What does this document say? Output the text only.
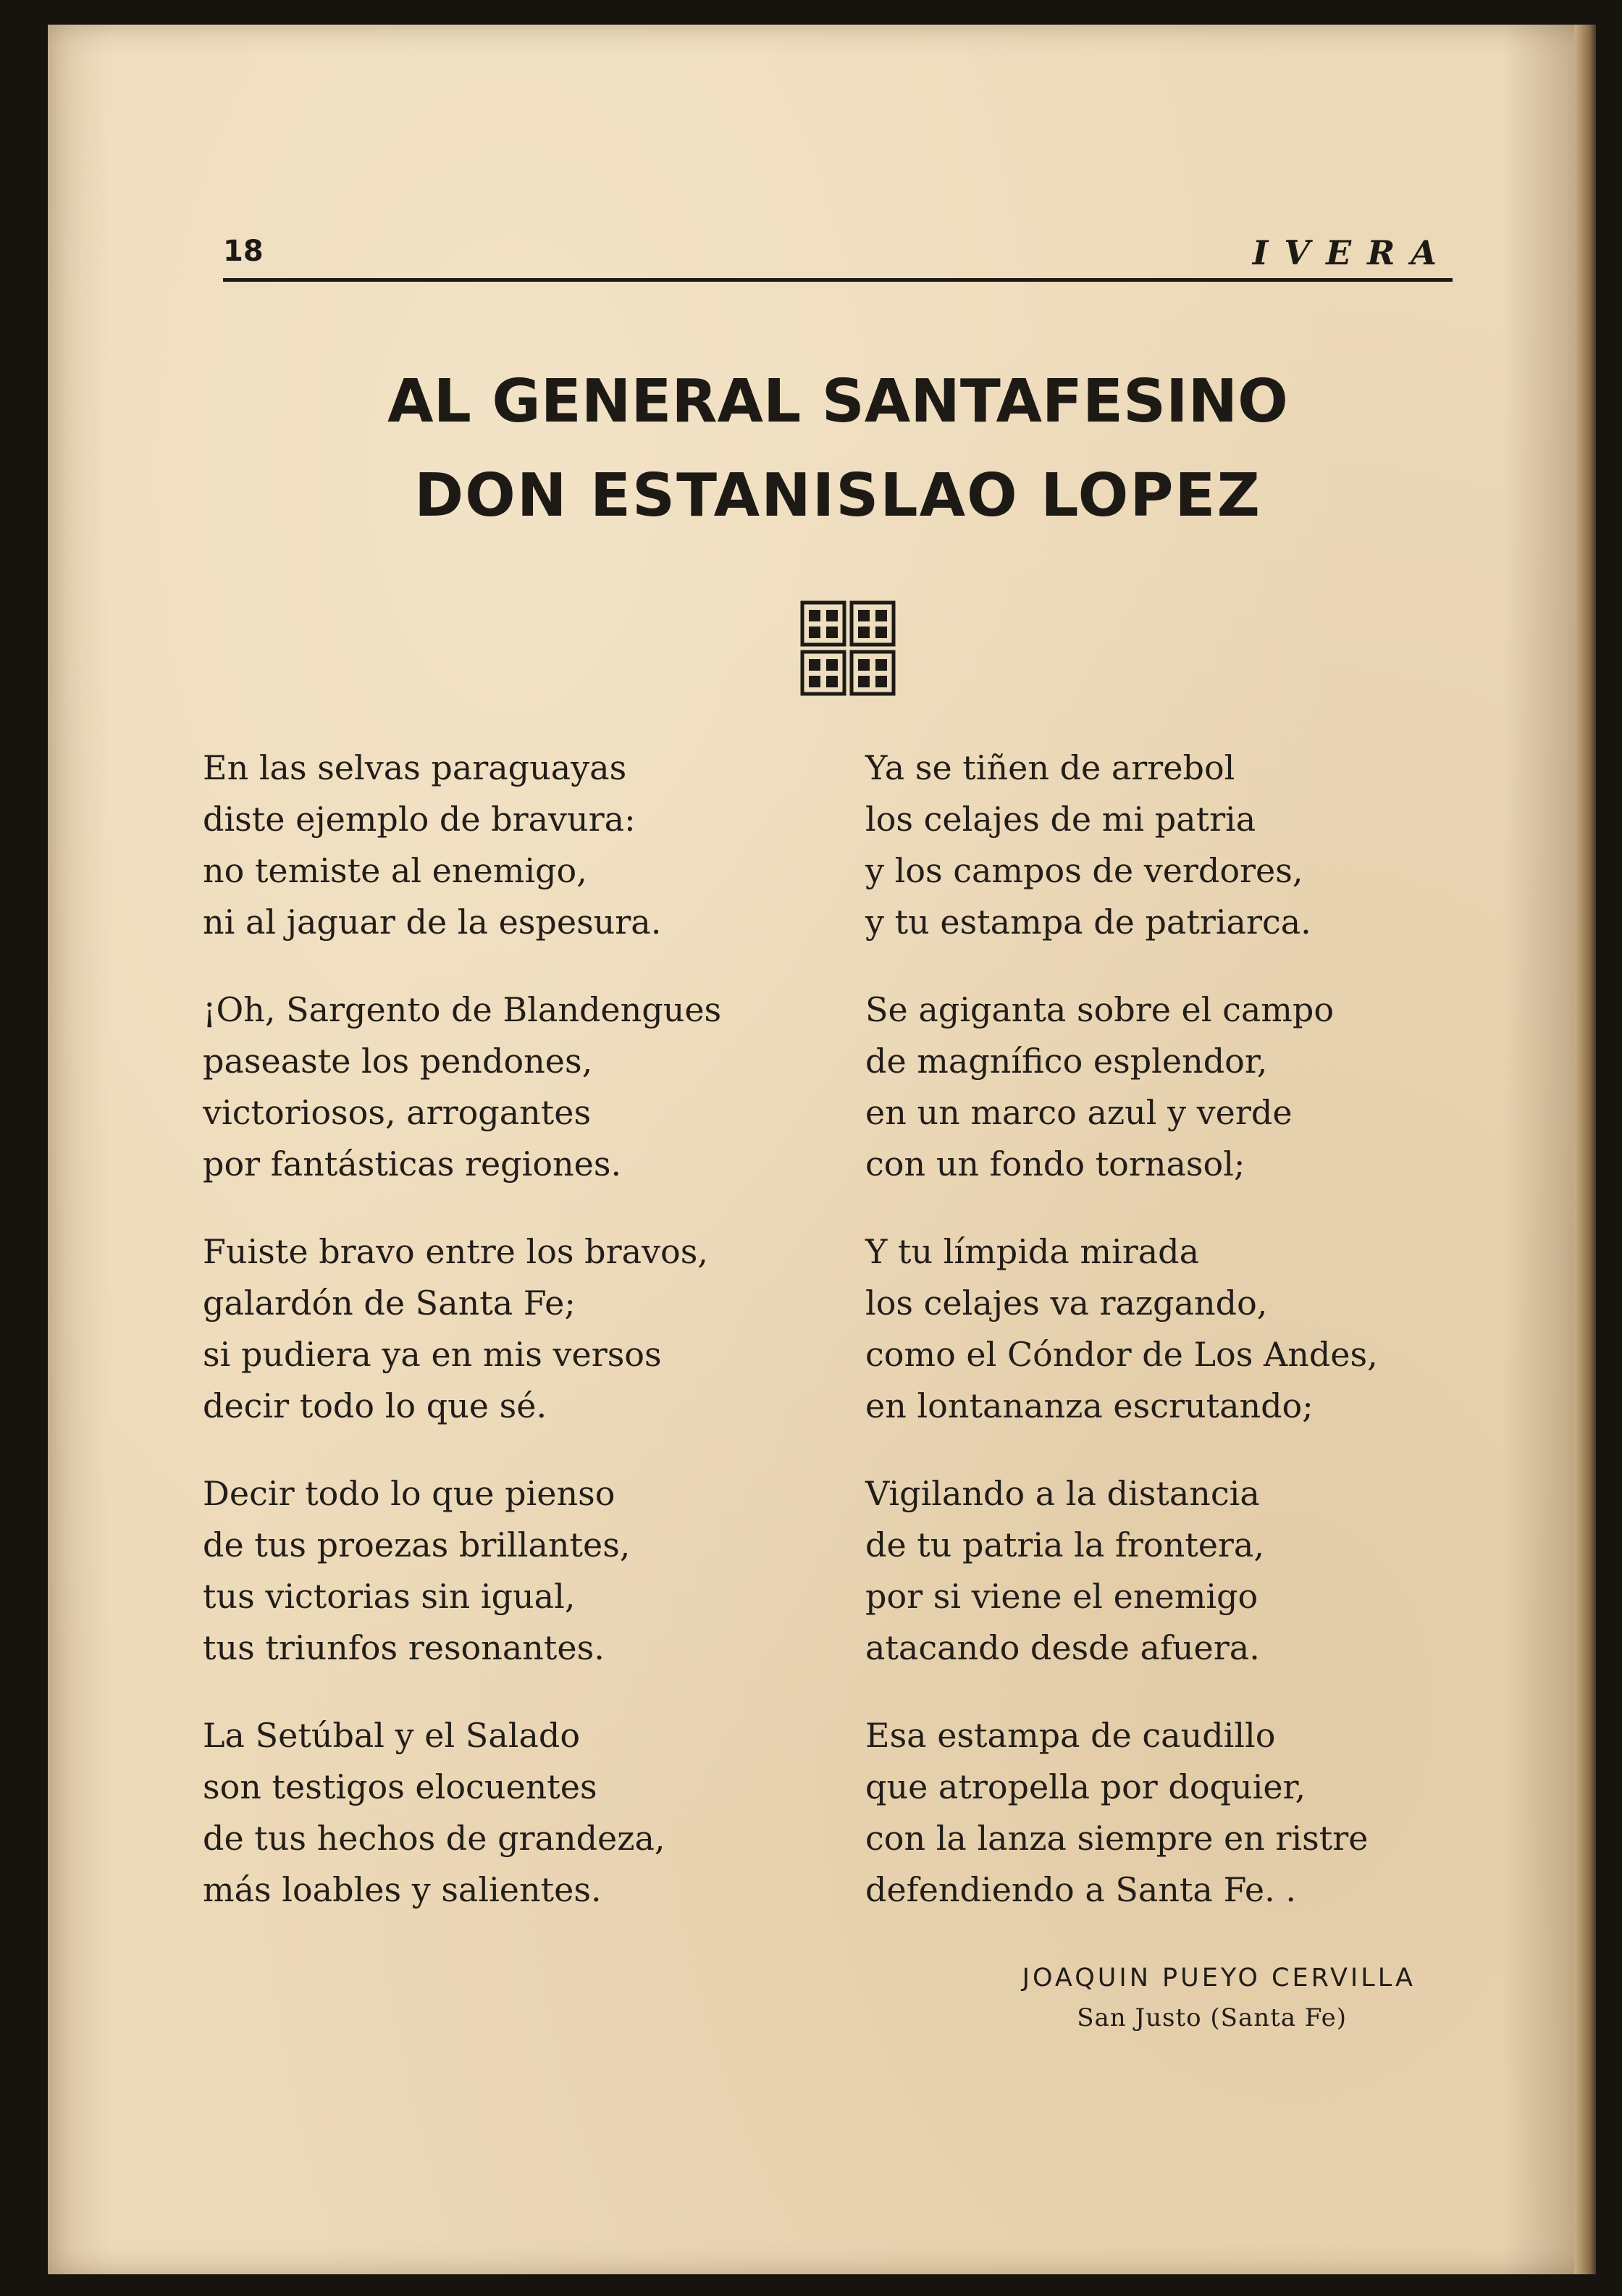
18	IVERA
AL GENERAL SANTAFESINO
DON ESTANISLAO LOPEZ
En las selvas paraguayas
diste ejemplo de bravura:
no temiste al enemigo,
ni al jaguar de la espesura.
¡Oh, Sargento de Blandengues
paseaste los pendones,
victoriosos, arrogantes
por fantásticas regiones.
Fuiste bravo entre los bravos,
galardón de Santa Fe;
si pudiera ya en mis versos
decir todo lo que sé.
Decir todo lo que pienso
de tus proezas brillantes,
tus victorias sin igual,
tus triunfos resonantes.
La Setúbal y el Salado
son testigos elocuentes
de tus hechos de grandeza,
más loables y salientes.
Ya se tiñen de arrebol
los celajes de mi patria
y los campos de verdores,
y tu estampa de patriarca.
Se agiganta sobre el campo
de magnífico esplendor,
en un marco azul y verde
con un fondo tornasol;
Y tu límpida mirada
los celajes va razgando,
como el Cóndor de Los Andes,
en lontananza escrutando;
Vigilando a la distancia
de tu patria la frontera,
por si viene el enemigo
atacando desde afuera.
Esa estampa de caudillo
que atropella por doquier,
con la lanza siempre en ristre
defendiendo a Santa Fe. .
JOAQUIN PUEYO CERVILLA
San Justo (Santa Fe)
